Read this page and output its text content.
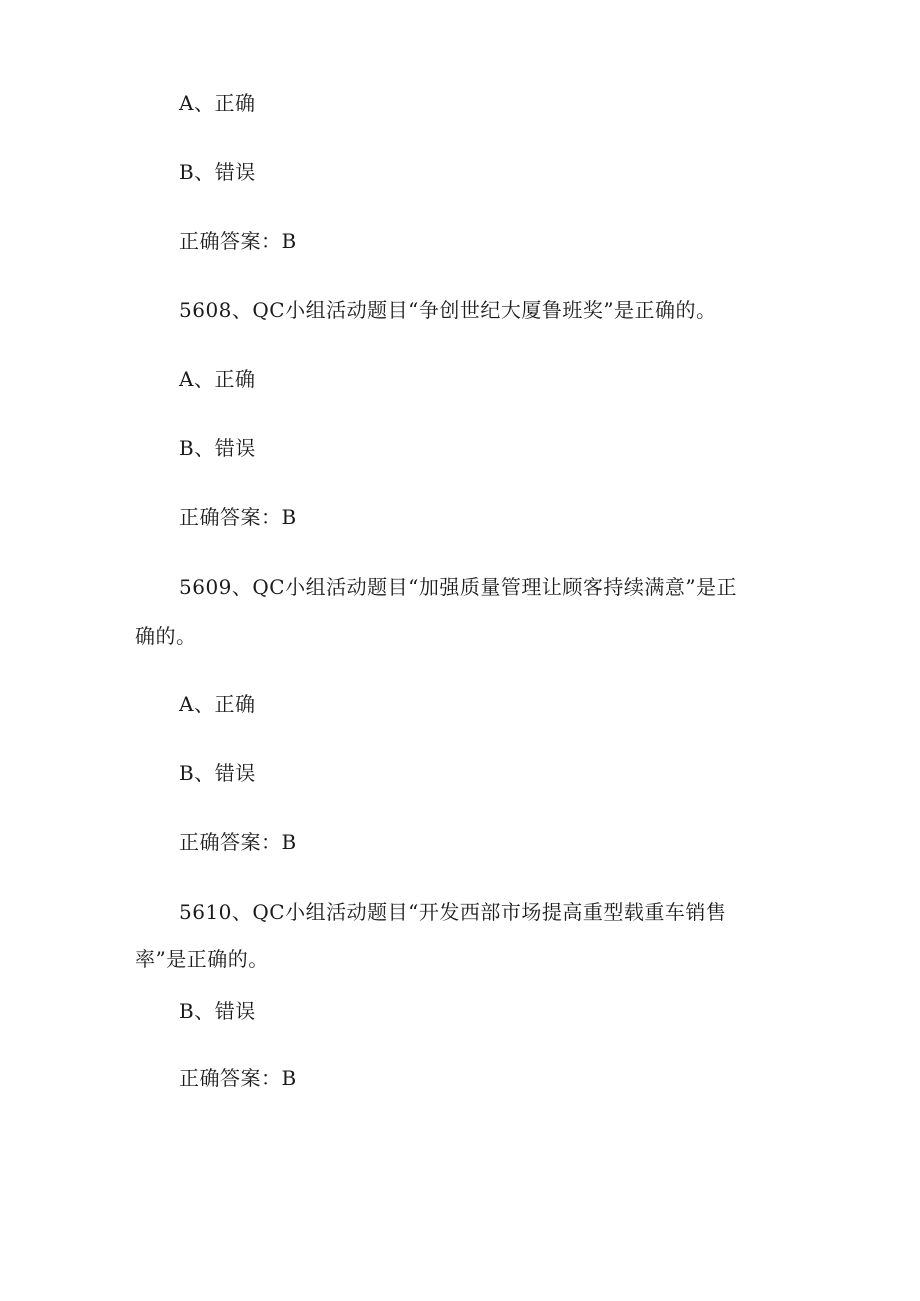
A、正确
B、错误
正确答案：B
5608、QC小组活动题目“争创世纪大厦鲁班奖”是正确的。
A、正确
B、错误
正确答案：B
5609、QC小组活动题目“加强质量管理让顾客持续满意”是正
确的。
A、正确
B、错误
正确答案：B
5610、QC小组活动题目“开发西部市场提高重型载重车销售
率”是正确的。
B、错误
正确答案：B
